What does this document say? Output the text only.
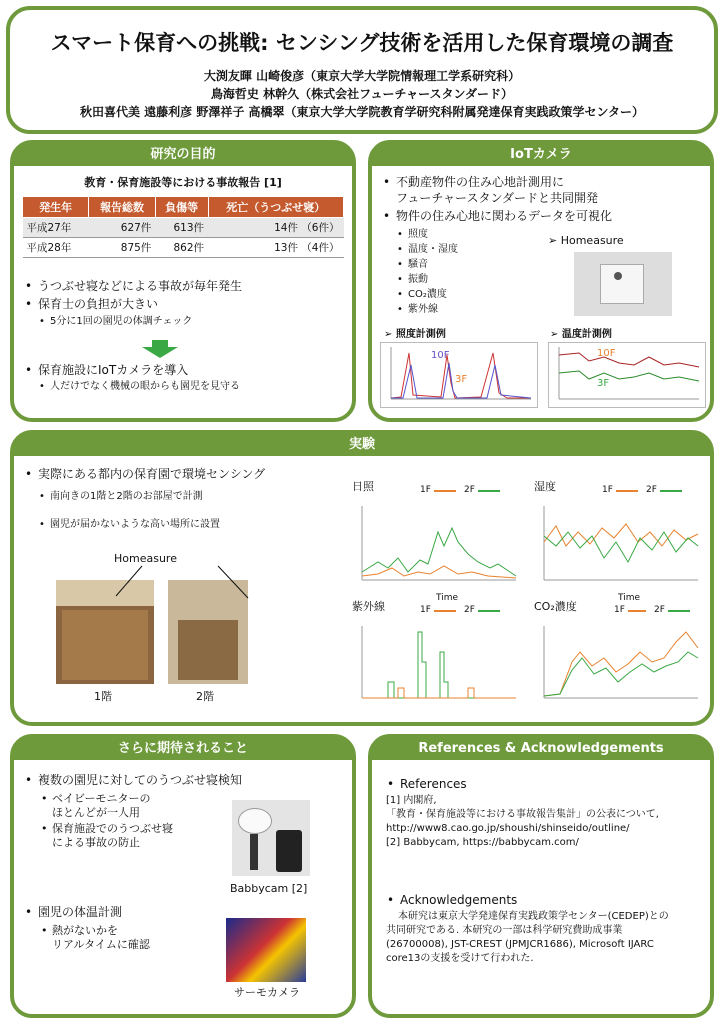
スマート保育への挑戦: センシング技術を活用した保育環境の調査
大渕友暉 山崎俊彦（東京大学大学院情報理工学系研究科）
鳥海哲史 林幹久（株式会社フューチャースタンダード）
秋田喜代美 遠藤利彦 野澤祥子 高橋翠（東京大学大学院教育学研究科附属発達保育実践政策学センター）
研究の目的
教育・保育施設等における事故報告 [1]
発生年	報告総数	負傷等	死亡（うつぶせ寝）
平成27年	627件	613件	14件 （6件）
平成28年	875件	862件	13件 （4件）
• うつぶせ寝などによる事故が毎年発生
• 保育士の負担が大きい
• 5分に1回の園児の体調チェック
• 保育施設にIoTカメラを導入
• 人だけでなく機械の眼からも園児を見守る
IoTカメラ
• 不動産物件の住み心地計測用に
フューチャースタンダードと共同開発
• 物件の住み心地に関わるデータを可視化
• 照度
• 温度・湿度
• 騒音
• 振動
• CO₂濃度
• 紫外線
➢ Homeasure
➢ 照度計測例	➢ 温度計測例
10F
3F
10F
3F
実験
• 実際にある都内の保育園で環境センシング
• 南向きの1階と2階のお部屋で計測
• 園児が届かないような高い場所に設置
Homeasure
1階	2階
日照	1F	2F
Time
湿度	1F	2F
Time
紫外線	1F	2F	CO₂濃度	1F	2F
さらに期待されること
• 複数の園児に対してのうつぶせ寝検知
• ベイビーモニターの
ほとんどが一人用
• 保育施設でのうつぶせ寝
による事故の防止
Babbycam [2]
• 園児の体温計測
• 熱がないかを
リアルタイムに確認
サーモカメラ
References & Acknowledgements
• References
[1] 内閣府,
「教育・保育施設等における事故報告集計」の公表について,
http://www8.cao.go.jp/shoushi/shinseido/outline/
[2] Babbycam, https://babbycam.com/
• Acknowledgements
本研究は東京大学発達保育実践政策学センター(CEDEP)との
共同研究である. 本研究の一部は科学研究費助成事業
(26700008), JST-CREST (JPMJCR1686), Microsoft IJARC
core13の支援を受けて行われた.
